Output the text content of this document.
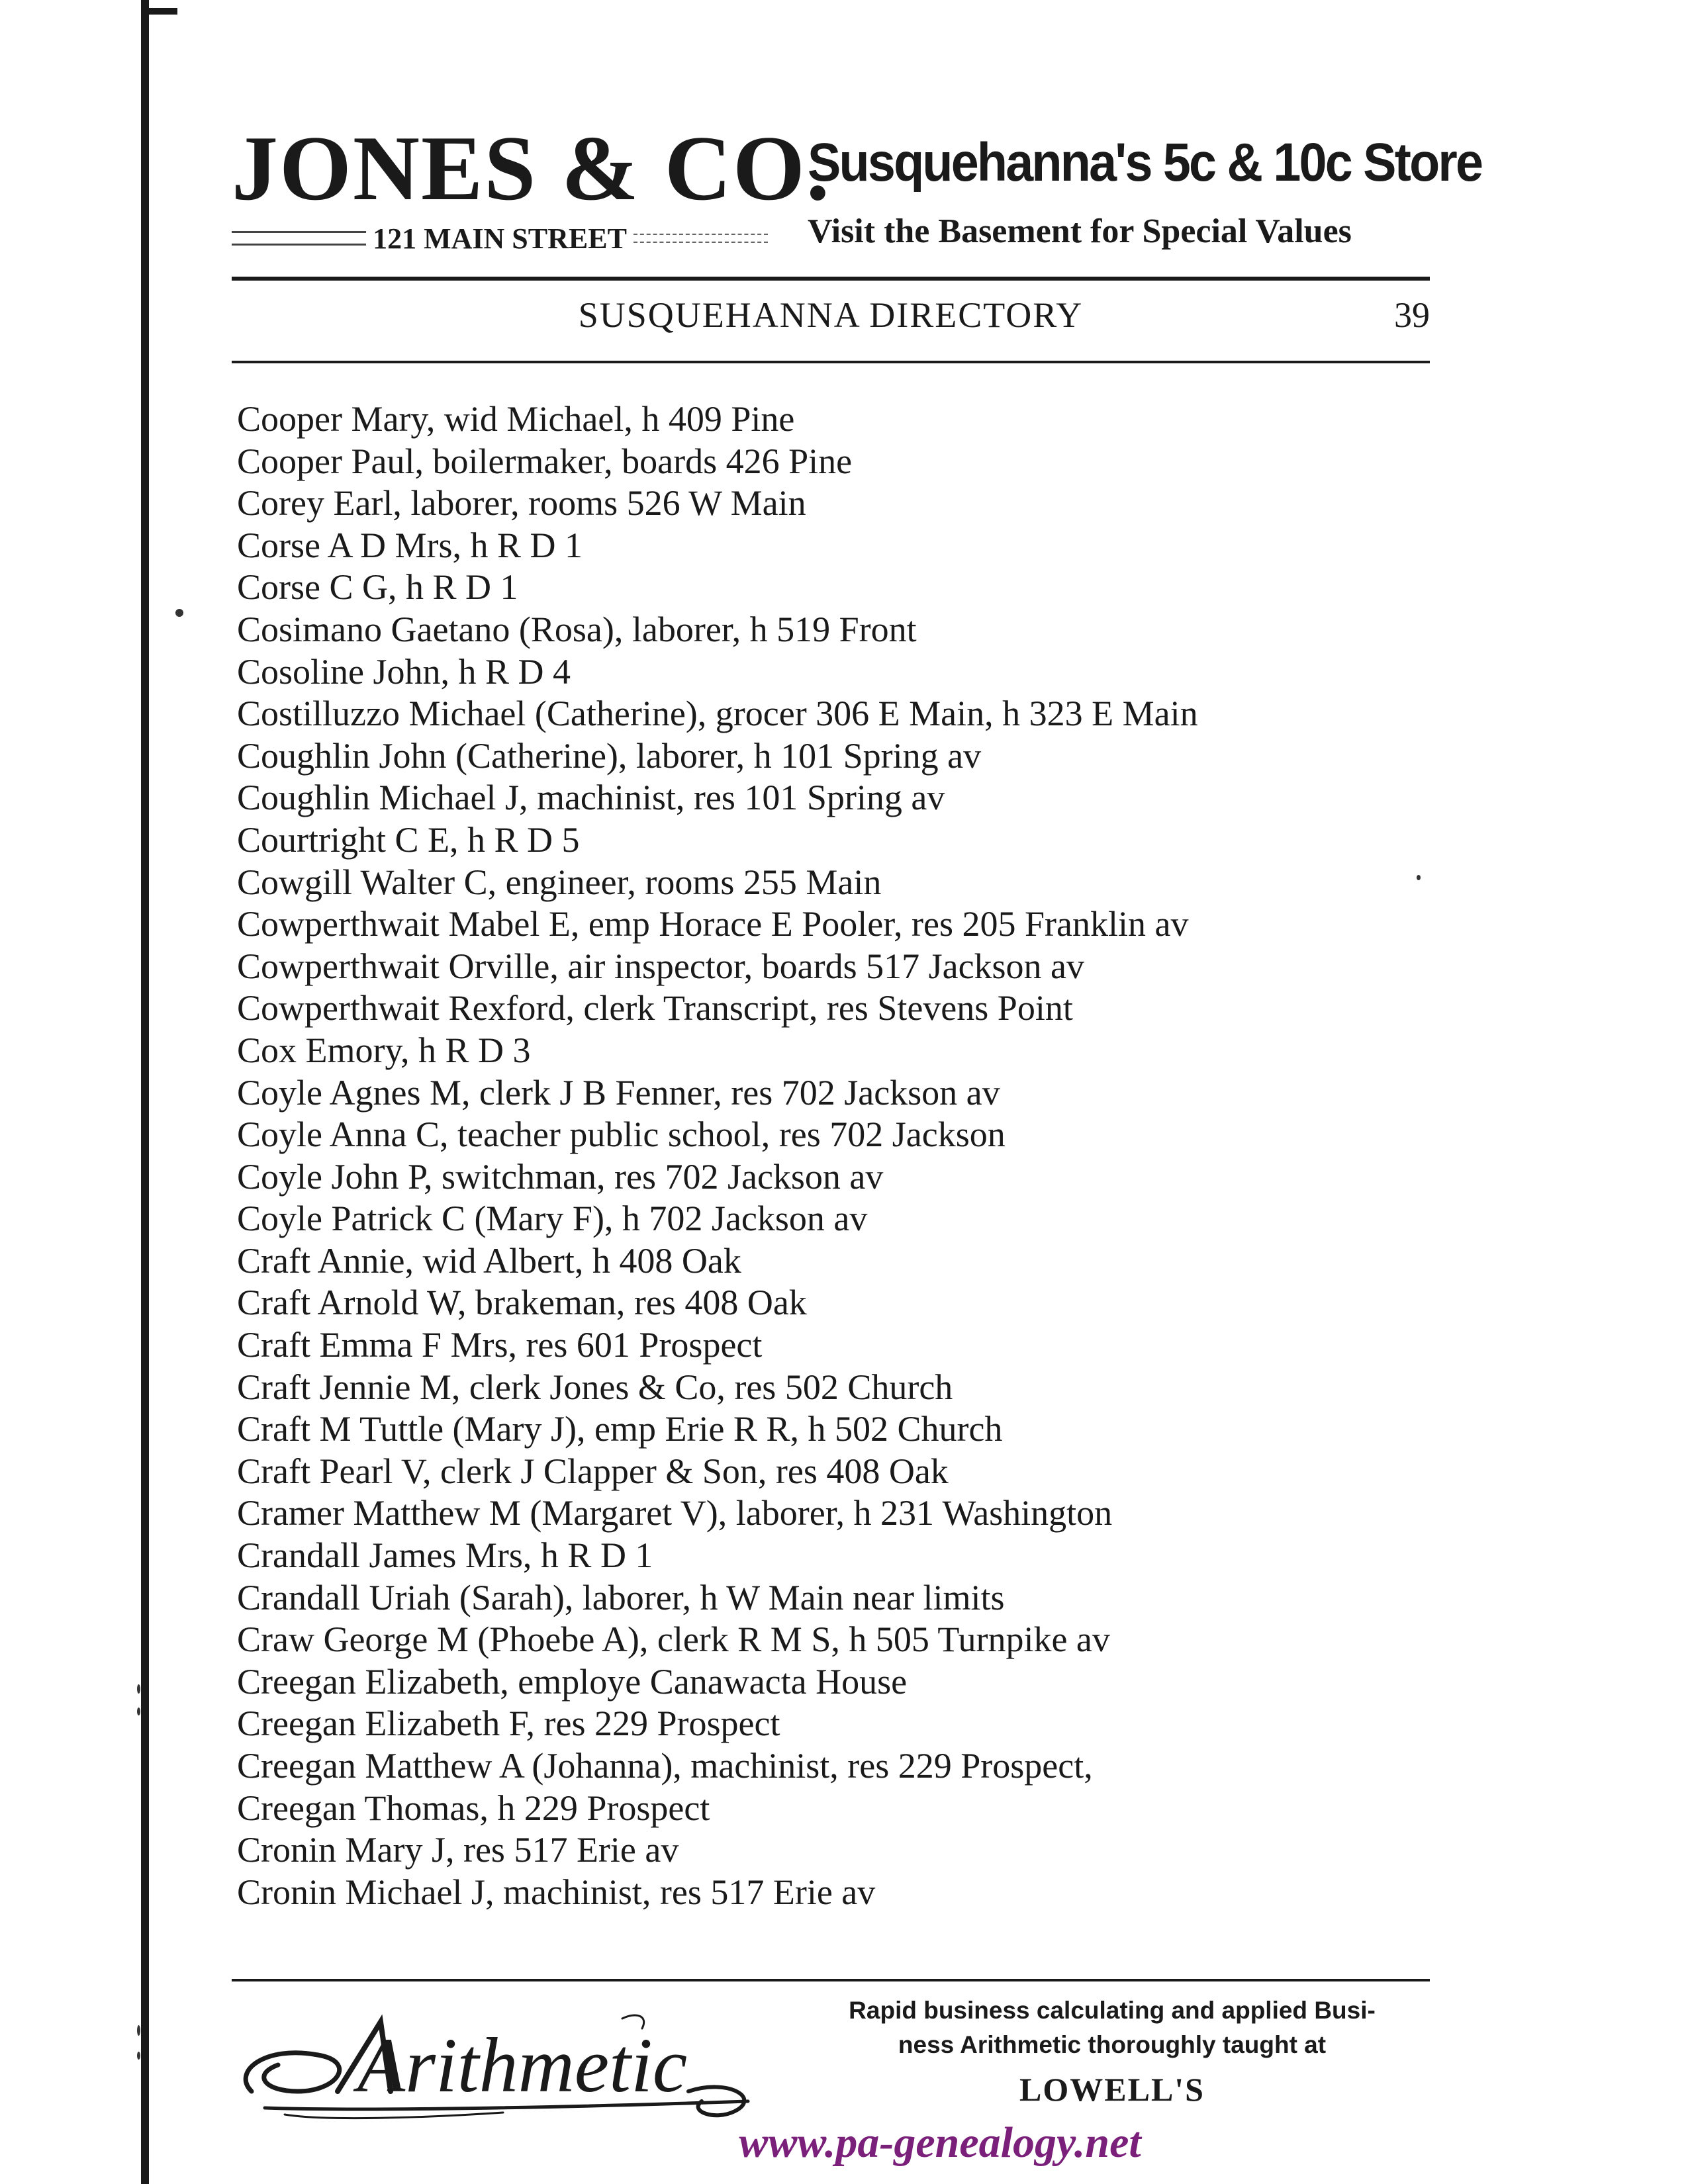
JONES & CO.
121 MAIN STREET
Susquehanna's 5c & 10c Store
Visit the Basement for Special Values
SUSQUEHANNA DIRECTORY	39
Cooper Mary, wid Michael, h 409 Pine
Cooper Paul, boilermaker, boards 426 Pine
Corey Earl, laborer, rooms 526 W Main
Corse A D Mrs, h R D 1
Corse C G, h R D 1
Cosimano Gaetano (Rosa), laborer, h 519 Front
Cosoline John, h R D 4
Costilluzzo Michael (Catherine), grocer 306 E Main, h 323 E Main
Coughlin John (Catherine), laborer, h 101 Spring av
Coughlin Michael J, machinist, res 101 Spring av
Courtright C E, h R D 5
Cowgill Walter C, engineer, rooms 255 Main
Cowperthwait Mabel E, emp Horace E Pooler, res 205 Franklin av
Cowperthwait Orville, air inspector, boards 517 Jackson av
Cowperthwait Rexford, clerk Transcript, res Stevens Point
Cox Emory, h R D 3
Coyle Agnes M, clerk J B Fenner, res 702 Jackson av
Coyle Anna C, teacher public school, res 702 Jackson
Coyle John P, switchman, res 702 Jackson av
Coyle Patrick C (Mary F), h 702 Jackson av
Craft Annie, wid Albert, h 408 Oak
Craft Arnold W, brakeman, res 408 Oak
Craft Emma F Mrs, res 601 Prospect
Craft Jennie M, clerk Jones & Co, res 502 Church
Craft M Tuttle (Mary J), emp Erie R R, h 502 Church
Craft Pearl V, clerk J Clapper & Son, res 408 Oak
Cramer Matthew M (Margaret V), laborer, h 231 Washington
Crandall James Mrs, h R D 1
Crandall Uriah (Sarah), laborer, h W Main near limits
Craw George M (Phoebe A), clerk R M S, h 505 Turnpike av
Creegan Elizabeth, employe Canawacta House
Creegan Elizabeth F, res 229 Prospect
Creegan Matthew A (Johanna), machinist, res 229 Prospect,
Creegan Thomas, h 229 Prospect
Cronin Mary J, res 517 Erie av
Cronin Michael J, machinist, res 517 Erie av
Arithmetic
Rapid business calculating and applied Busi-
ness Arithmetic thoroughly taught at
LOWELL'S
www.pa-genealogy.net
